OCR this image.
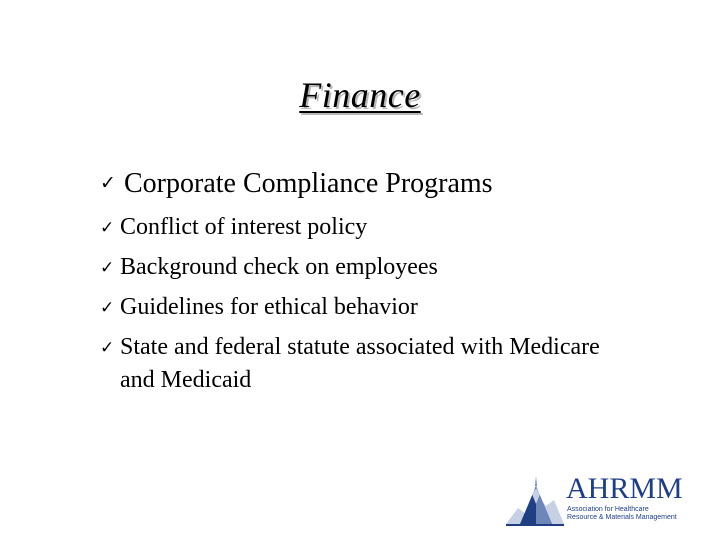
Finance
✓ Corporate Compliance Programs
✓ Conflict of interest policy
✓ Background check on employees
✓ Guidelines for ethical behavior
✓ State and federal statute associated with Medicare and Medicaid
AHRMM
Association for Healthcare
Resource & Materials Management
